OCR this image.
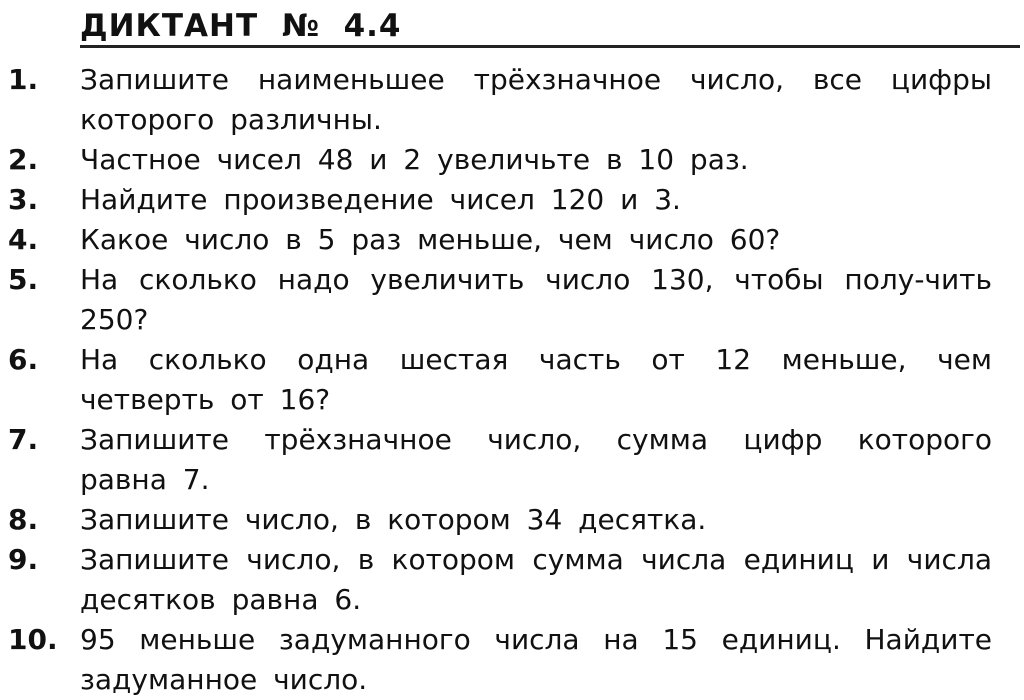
ДИКТАНТ  №  4.4
1. Запишите наименьшее трёхзначное число, все цифры которого различны.
2. Частное чисел 48 и 2 увеличьте в 10 раз.
3. Найдите произведение чисел 120 и 3.
4. Какое число в 5 раз меньше, чем число 60?
5. На сколько надо увеличить число 130, чтобы полу-чить 250?
6. На сколько одна шестая часть от 12 меньше, чем четверть от 16?
7. Запишите трёхзначное число, сумма цифр которого равна 7.
8. Запишите число, в котором 34 десятка.
9. Запишите число, в котором сумма числа единиц и числа десятков равна 6.
10. 95 меньше задуманного числа на 15 единиц. Найдите задуманное число.
